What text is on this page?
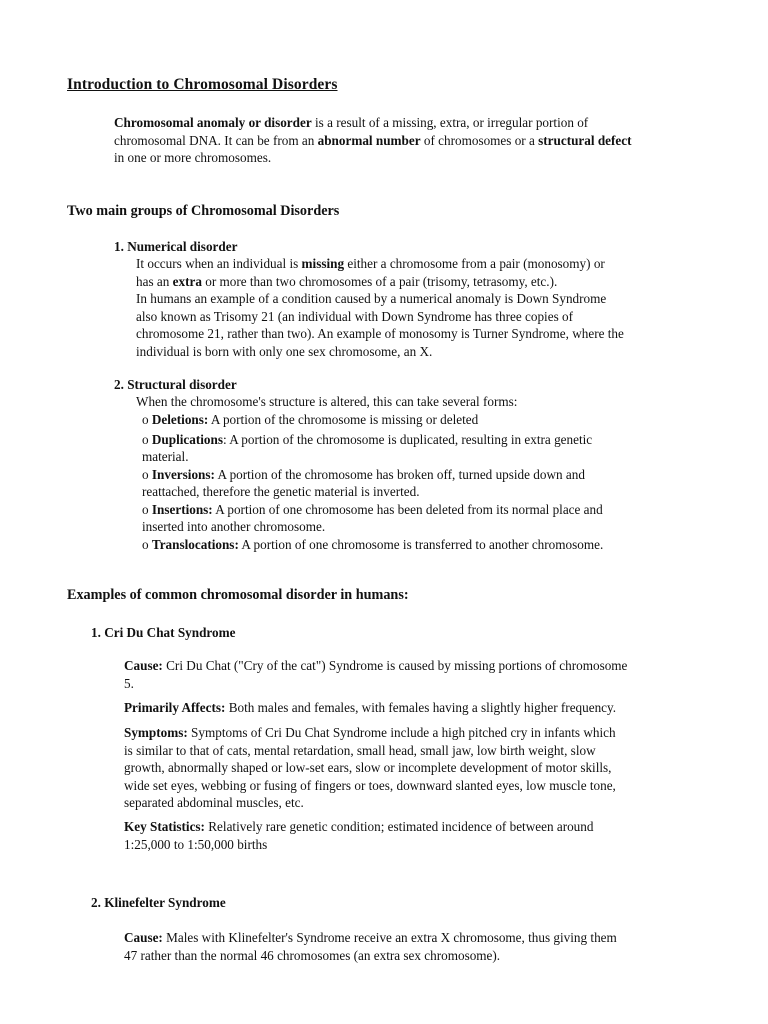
Introduction to Chromosomal Disorders
Chromosomal anomaly or disorder is a result of a missing, extra, or irregular portion of
chromosomal DNA. It can be from an abnormal number of chromosomes or a structural defect
in one or more chromosomes.
Two main groups of Chromosomal Disorders
1. Numerical disorder
It occurs when an individual is missing either a chromosome from a pair (monosomy) or
has an extra or more than two chromosomes of a pair (trisomy, tetrasomy, etc.).
In humans an example of a condition caused by a numerical anomaly is Down Syndrome
also known as Trisomy 21 (an individual with Down Syndrome has three copies of
chromosome 21, rather than two). An example of monosomy is Turner Syndrome, where the
individual is born with only one sex chromosome, an X.
2. Structural disorder
When the chromosome's structure is altered, this can take several forms:
o Deletions: A portion of the chromosome is missing or deleted
o Duplications: A portion of the chromosome is duplicated, resulting in extra genetic
material.
o Inversions: A portion of the chromosome has broken off, turned upside down and
reattached, therefore the genetic material is inverted.
o Insertions: A portion of one chromosome has been deleted from its normal place and
inserted into another chromosome.
o Translocations: A portion of one chromosome is transferred to another chromosome.
Examples of common chromosomal disorder in humans:
1. Cri Du Chat Syndrome
Cause: Cri Du Chat ("Cry of the cat") Syndrome is caused by missing portions of chromosome
5.
Primarily Affects: Both males and females, with females having a slightly higher frequency.
Symptoms: Symptoms of Cri Du Chat Syndrome include a high pitched cry in infants which
is similar to that of cats, mental retardation, small head, small jaw, low birth weight, slow
growth, abnormally shaped or low-set ears, slow or incomplete development of motor skills,
wide set eyes, webbing or fusing of fingers or toes, downward slanted eyes, low muscle tone,
separated abdominal muscles, etc.
Key Statistics: Relatively rare genetic condition; estimated incidence of between around
1:25,000 to 1:50,000 births
2. Klinefelter Syndrome
Cause: Males with Klinefelter's Syndrome receive an extra X chromosome, thus giving them
47 rather than the normal 46 chromosomes (an extra sex chromosome).
